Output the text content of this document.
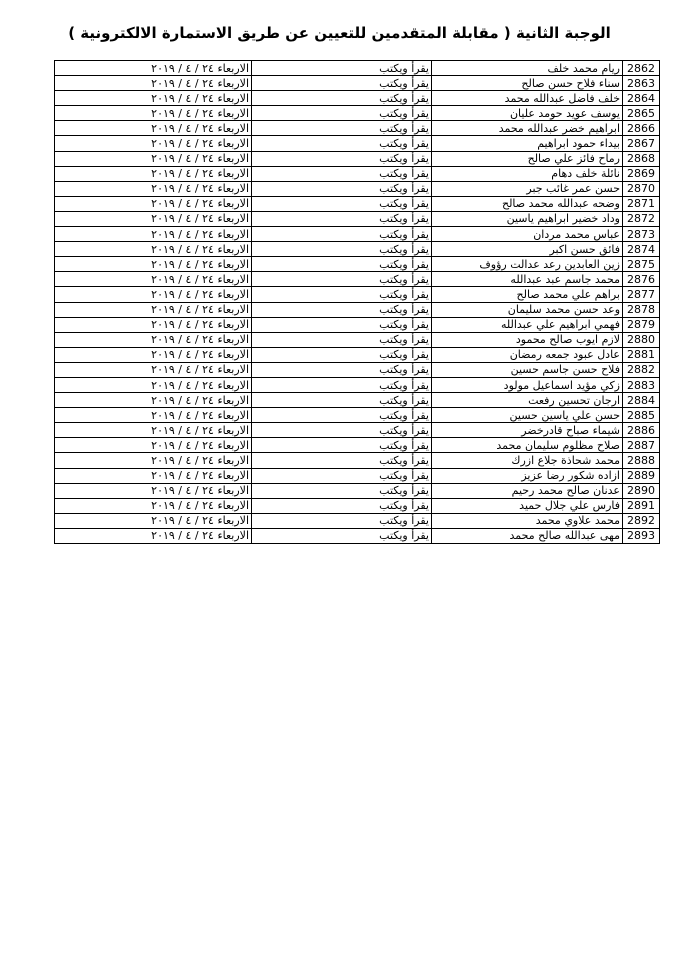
الوجبة الثانية ( مقابلة المتقدمين للتعيين عن طريق الاستمارة الالكترونية )
2862	ريام محمد خلف	يقرأ ويكتب	الاربعاء ٢٤ / ٤ / ٢٠١٩
2863	سناء فلاح حسن صالح	يقرأ ويكتب	الاربعاء ٢٤ / ٤ / ٢٠١٩
2864	خلف فاضل عبدالله محمد	يقرأ ويكتب	الاربعاء ٢٤ / ٤ / ٢٠١٩
2865	يوسف عويد حومد عليان	يقرأ ويكتب	الاربعاء ٢٤ / ٤ / ٢٠١٩
2866	ابراهيم خضر عبدالله محمد	يقرأ ويكتب	الاربعاء ٢٤ / ٤ / ٢٠١٩
2867	بيداء حمود ابراهيم	يقرأ ويكتب	الاربعاء ٢٤ / ٤ / ٢٠١٩
2868	رماح فائز علي صالح	يقرأ ويكتب	الاربعاء ٢٤ / ٤ / ٢٠١٩
2869	نائلة خلف دهام	يقرأ ويكتب	الاربعاء ٢٤ / ٤ / ٢٠١٩
2870	حسن عمر غائب جبر	يقرأ ويكتب	الاربعاء ٢٤ / ٤ / ٢٠١٩
2871	وضحه عبدالله محمد صالح	يقرأ ويكتب	الاربعاء ٢٤ / ٤ / ٢٠١٩
2872	وداد خضير ابراهيم ياسين	يقرأ ويكتب	الاربعاء ٢٤ / ٤ / ٢٠١٩
2873	عباس محمد مردان	يقرأ ويكتب	الاربعاء ٢٤ / ٤ / ٢٠١٩
2874	فائق حسن اكبر	يقرأ ويكتب	الاربعاء ٢٤ / ٤ / ٢٠١٩
2875	زين العابدين رعد عدالت رؤوف	يقرأ ويكتب	الاربعاء ٢٤ / ٤ / ٢٠١٩
2876	محمد جاسم عبد عبدالله	يقرأ ويكتب	الاربعاء ٢٤ / ٤ / ٢٠١٩
2877	براهم علي محمد صالح	يقرأ ويكتب	الاربعاء ٢٤ / ٤ / ٢٠١٩
2878	وعد حسن محمد سليمان	يقرأ ويكتب	الاربعاء ٢٤ / ٤ / ٢٠١٩
2879	فهمي ابراهيم علي عبدالله	يقرأ ويكتب	الاربعاء ٢٤ / ٤ / ٢٠١٩
2880	لازم ايوب صالح محمود	يقرأ ويكتب	الاربعاء ٢٤ / ٤ / ٢٠١٩
2881	عادل عبود جمعه رمضان	يقرأ ويكتب	الاربعاء ٢٤ / ٤ / ٢٠١٩
2882	فلاح حسن جاسم حسين	يقرأ ويكتب	الاربعاء ٢٤ / ٤ / ٢٠١٩
2883	زكي مؤيد اسماعيل مولود	يقرأ ويكتب	الاربعاء ٢٤ / ٤ / ٢٠١٩
2884	ارجان تحسين رفعت	يقرأ ويكتب	الاربعاء ٢٤ / ٤ / ٢٠١٩
2885	حسن علي ياسين حسين	يقرأ ويكتب	الاربعاء ٢٤ / ٤ / ٢٠١٩
2886	شيماء صباح قادرخضر	يقرأ ويكتب	الاربعاء ٢٤ / ٤ / ٢٠١٩
2887	صلاح مظلوم سليمان محمد	يقرأ ويكتب	الاربعاء ٢٤ / ٤ / ٢٠١٩
2888	محمد شحاذة جلاع ازرك	يقرأ ويكتب	الاربعاء ٢٤ / ٤ / ٢٠١٩
2889	ازاده شكور رضا عزيز	يقرأ ويكتب	الاربعاء ٢٤ / ٤ / ٢٠١٩
2890	عدنان صالح محمد رحيم	يقرأ ويكتب	الاربعاء ٢٤ / ٤ / ٢٠١٩
2891	فارس علي جلال حميد	يقرأ ويكتب	الاربعاء ٢٤ / ٤ / ٢٠١٩
2892	محمد علاوي محمد	يقرأ ويكتب	الاربعاء ٢٤ / ٤ / ٢٠١٩
2893	مهى عبدالله صالح محمد	يقرأ ويكتب	الاربعاء ٢٤ / ٤ / ٢٠١٩
